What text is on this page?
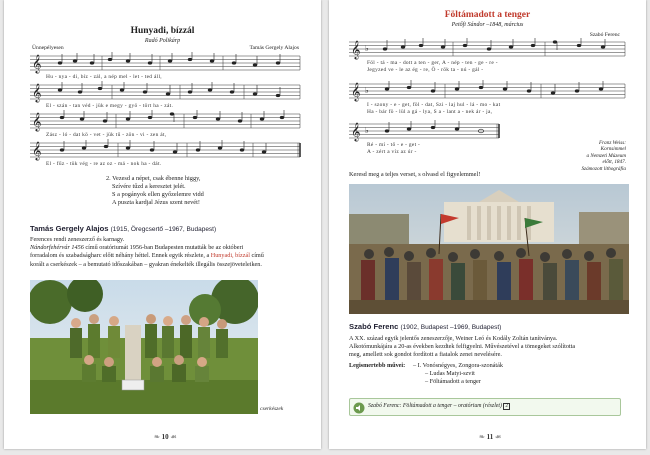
Hunyadi, bízzál
Radó Polikárp
Ünnepélyesen	Tamás Gergely Alajos
𝄞
Hu - nya - di, bíz - zál, a nép mel - let - ted áll,
𝄞
El - szán - tan véd - jük e megy - gyö - tört ha - zát.
𝄞
Zász - ló - dat kö - vet - jük tű - zön - vi - zen át,
𝄞
El - fűz - tük vég - re az oz - má - nok ha - dát.
2. Vezesd a népet, csak ébenne higgy,
Szívére tűzd a keresztet jelét.
S a pogányok ellen győzelemre vidd
A puszta kardjal Jézus szent nevét!
Tamás Gergely Alajos (1915, Öregcsertő –1967, Budapest)
Ferences rendi zeneszerző és karnagy.
Nándorfehérvár 1456 című oratóriumát 1956-ban Budapesten mutatták be az októberi
forradalom és szabadságharc előtt néhány héttel. Ennek egyik részlete, a Hunyadi, bízzál című
korált a cserkészek – a bemutató időszakában – gyakran énekelték illegális összejöveteleiken.
cserkészek
❧ 10 ☙
Föltámadott a tenger
Petőfi Sándor –1848, március
Szabó Ferenc
𝄞 ♭
Föl - tá - ma - dott a ten - ger, A - nép - ten - ge - re -
Jegyzed ve - le az ég - re, Ö - rök ta - nú - gál -
𝄞 ♭
I - szony - e - get, föl - dat, Szi - laj hul - lá - mo - kat
Ha - bár fö - lül a gá - lya, S a - lant a - nek ár - ja,
𝄞 ♭
Ré - mí - tő - e - get -
A - zért a víz az úr -
Franz Weiss:
Kornsimmel
a Nemzeti Múzeum
előtt, 1847.
Számozott lithográfia
Keresd meg a teljes verset, s olvasd el figyelemmel!
Szabó Ferenc (1902, Budapest –1969, Budapest)
A XX. század egyik jelentős zeneszerzője, Weiner Leó és Kodály Zoltán tanítványa.
Alkotómunkájára a 20-as években kezdtek felfigyelni. Művészetével a tömegeket szólította
meg, amellett sok gondot fordított a fiatalok zenei nevelésére.
Legismertebb művei: – I. Vonósnégyes, Zongora-szonáták
– Ludas Matyi-szvit
– Föltámadott a tenger
Szabó Ferenc: Föltámadott a tenger – oratórium (részlet) 2
❧ 11 ☙
